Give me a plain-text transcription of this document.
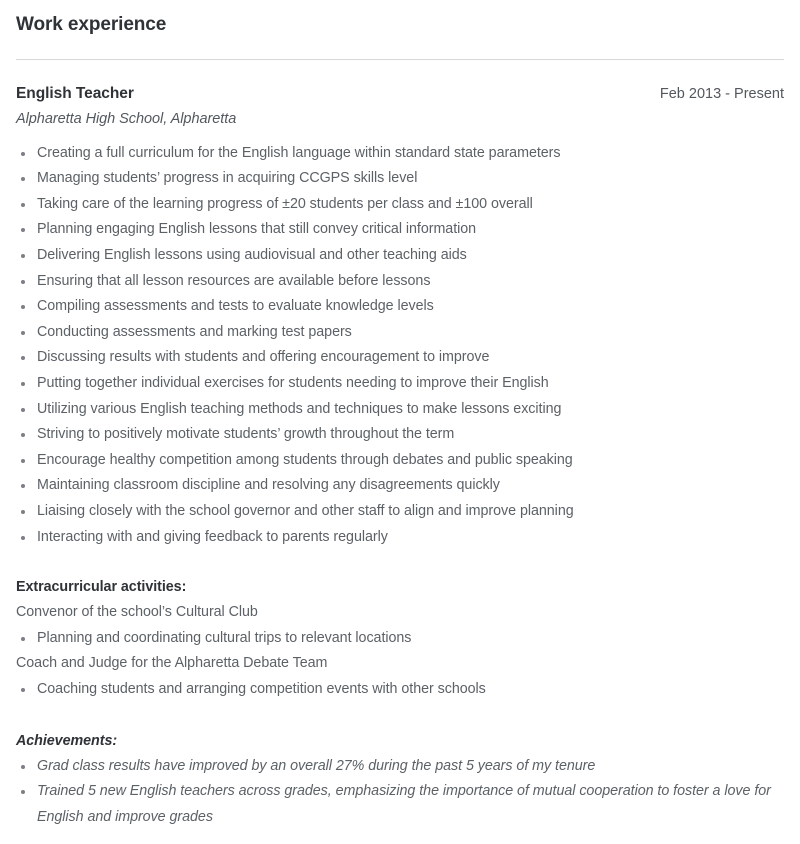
Work experience
English Teacher	Feb 2013 - Present
Alpharetta High School, Alpharetta
Creating a full curriculum for the English language within standard state parameters
Managing students’ progress in acquiring CCGPS skills level
Taking care of the learning progress of ±20 students per class and ±100 overall
Planning engaging English lessons that still convey critical information
Delivering English lessons using audiovisual and other teaching aids
Ensuring that all lesson resources are available before lessons
Compiling assessments and tests to evaluate knowledge levels
Conducting assessments and marking test papers
Discussing results with students and offering encouragement to improve
Putting together individual exercises for students needing to improve their English
Utilizing various English teaching methods and techniques to make lessons exciting
Striving to positively motivate students’ growth throughout the term
Encourage healthy competition among students through debates and public speaking
Maintaining classroom discipline and resolving any disagreements quickly
Liaising closely with the school governor and other staff to align and improve planning
Interacting with and giving feedback to parents regularly
Extracurricular activities:
Convenor of the school’s Cultural Club
Planning and coordinating cultural trips to relevant locations
Coach and Judge for the Alpharetta Debate Team
Coaching students and arranging competition events with other schools
Achievements:
Grad class results have improved by an overall 27% during the past 5 years of my tenure
Trained 5 new English teachers across grades, emphasizing the importance of mutual cooperation to foster a love for English and improve grades
